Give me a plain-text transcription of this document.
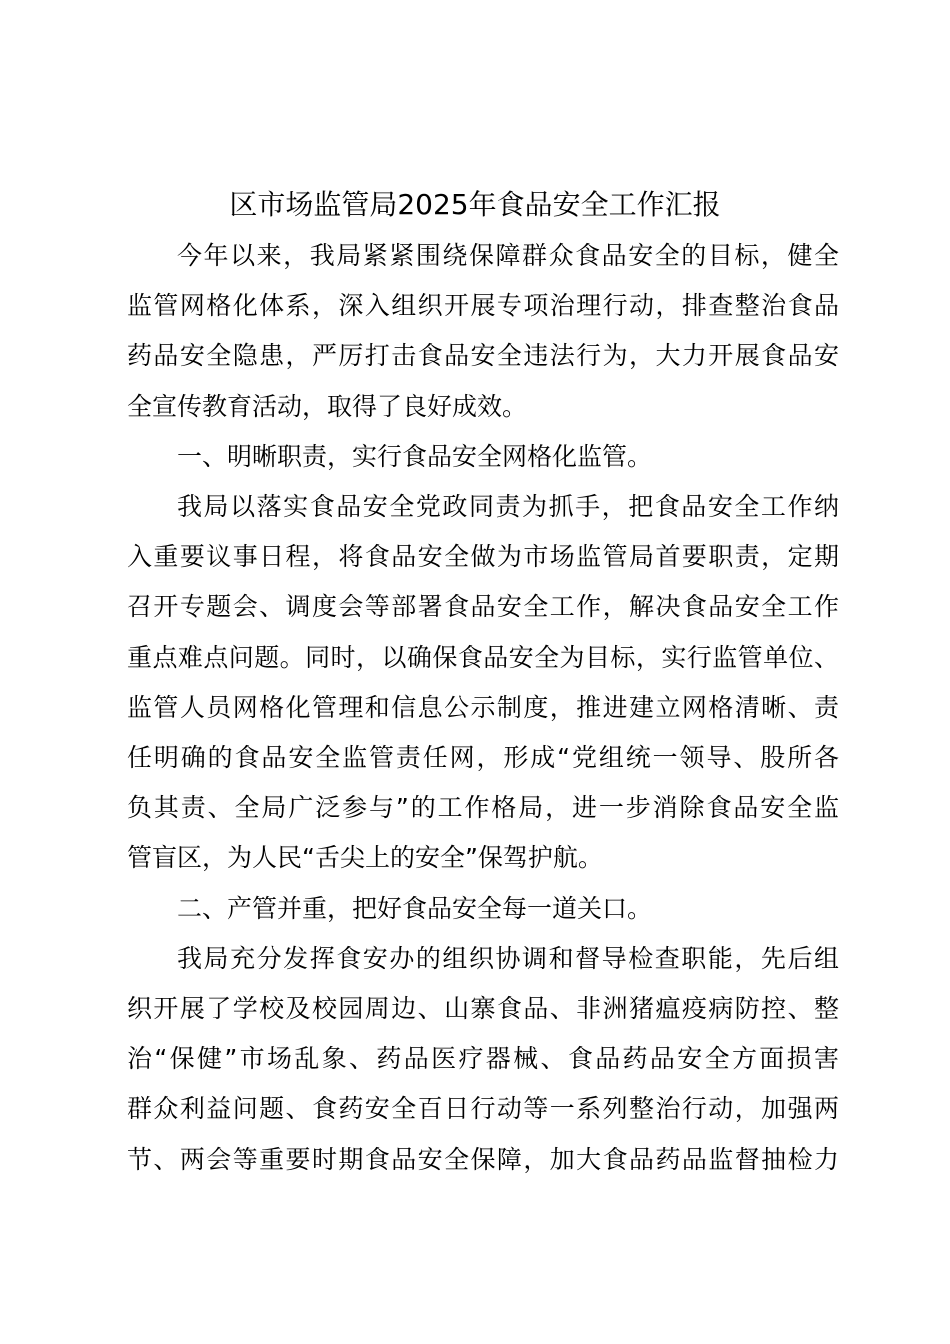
区市场监管局2025年食品安全工作汇报
今年以来，我局紧紧围绕保障群众食品安全的目标，健全
监管网格化体系，深入组织开展专项治理行动，排查整治食品
药品安全隐患，严厉打击食品安全违法行为，大力开展食品安
全宣传教育活动，取得了良好成效。

一、明晰职责，实行食品安全网格化监管。

我局以落实食品安全党政同责为抓手，把食品安全工作纳
入重要议事日程，将食品安全做为市场监管局首要职责，定期
召开专题会、调度会等部署食品安全工作，解决食品安全工作
重点难点问题。同时，以确保食品安全为目标，实行监管单位、
监管人员网格化管理和信息公示制度，推进建立网格清晰、责
任明确的食品安全监管责任网，形成“党组统一领导、股所各
负其责、全局广泛参与”的工作格局，进一步消除食品安全监
管盲区，为人民“舌尖上的安全”保驾护航。

二、产管并重，把好食品安全每一道关口。

我局充分发挥食安办的组织协调和督导检查职能，先后组
织开展了学校及校园周边、山寨食品、非洲猪瘟疫病防控、整
治“保健”市场乱象、药品医疗器械、食品药品安全方面损害
群众利益问题、食药安全百日行动等一系列整治行动，加强两
节、两会等重要时期食品安全保障，加大食品药品监督抽检力
